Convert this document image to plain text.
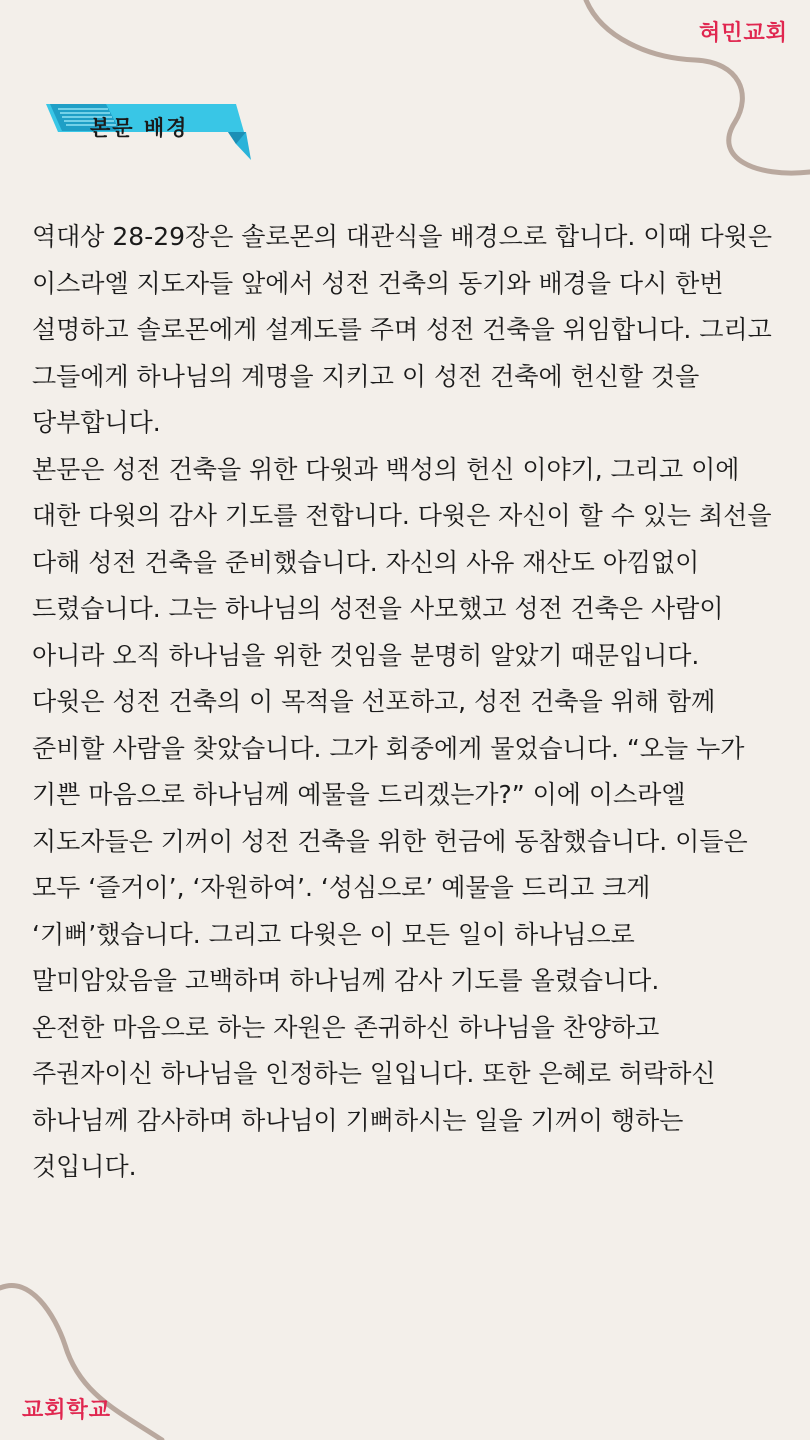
혀민교회
본문 배경

역대상 28-29장은 솔로몬의 대관식을 배경으로 합니다. 이때 다윗은 이스라엘 지도자들 앞에서 성전 건축의 동기와 배경을 다시 한번 설명하고 솔로몬에게 설계도를 주며 성전 건축을 위임합니다. 그리고 그들에게 하나님의 계명을 지키고 이 성전 건축에 헌신할 것을 당부합니다.

본문은 성전 건축을 위한 다윗과 백성의 헌신 이야기, 그리고 이에 대한 다윗의 감사 기도를 전합니다. 다윗은 자신이 할 수 있는 최선을 다해 성전 건축을 준비했습니다. 자신의 사유 재산도 아낌없이 드렸습니다. 그는 하나님의 성전을 사모했고 성전 건축은 사람이 아니라 오직 하나님을 위한 것임을 분명히 알았기 때문입니다.

다윗은 성전 건축의 이 목적을 선포하고, 성전 건축을 위해 함께 준비할 사람을 찾았습니다. 그가 회중에게 물었습니다. “오늘 누가 기쁜 마음으로 하나님께 예물을 드리겠는가?” 이에 이스라엘 지도자들은 기꺼이 성전 건축을 위한 헌금에 동참했습니다. 이들은 모두 ‘즐거이’, ‘자원하여’. ‘성심으로’ 예물을 드리고 크게 ‘기뻐’했습니다. 그리고 다윗은 이 모든 일이 하나님으로 말미암았음을 고백하며 하나님께 감사 기도를 올렸습니다.

온전한 마음으로 하는 자원은 존귀하신 하나님을 찬양하고 주권자이신 하나님을 인정하는 일입니다. 또한 은혜로 허락하신 하나님께 감사하며 하나님이 기뻐하시는 일을 기꺼이 행하는 것입니다.

교회학교
